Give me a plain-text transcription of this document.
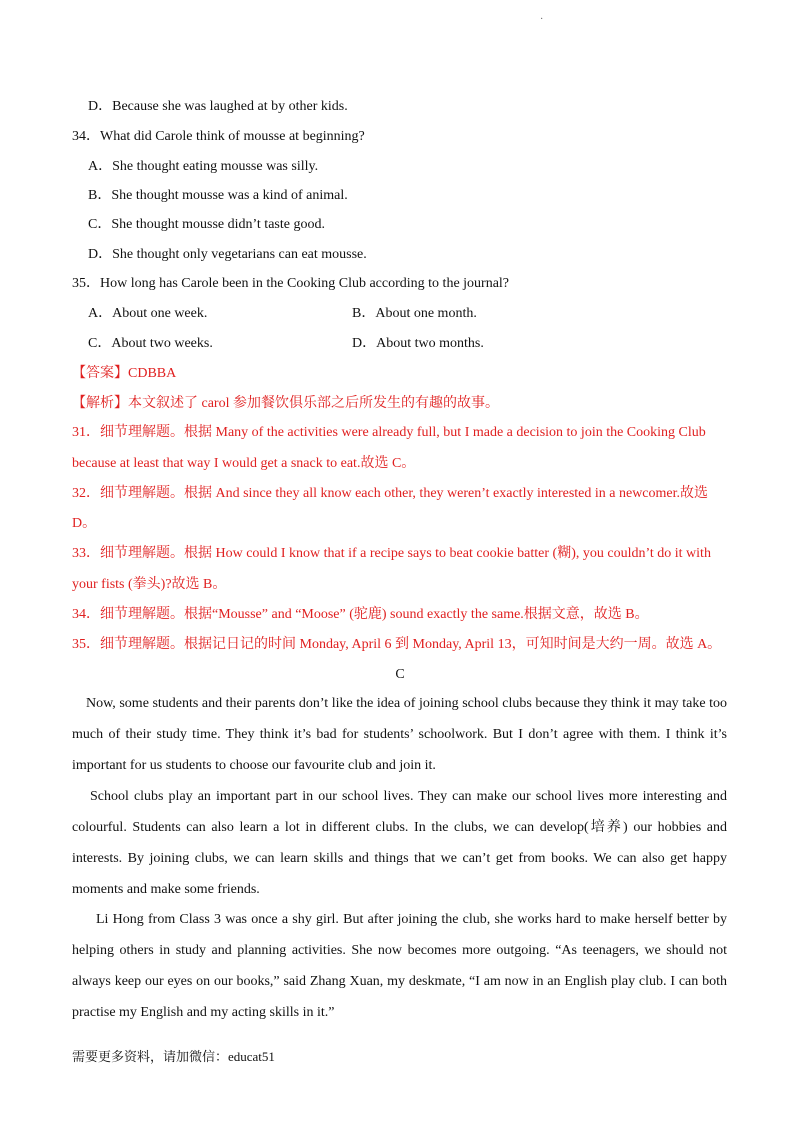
·
D．Because she was laughed at by other kids.
34．What did Carole think of mousse at beginning?
A．She thought eating mousse was silly.
B．She thought mousse was a kind of animal.
C．She thought mousse didn’t taste good.
D．She thought only vegetarians can eat mousse.
35．How long has Carole been in the Cooking Club according to the journal?
A．About one week.	B．About one month.
C．About two weeks.	D．About two months.
【答案】CDBBA
【解析】本文叙述了 carol 参加餐饮俱乐部之后所发生的有趣的故事。
31．细节理解题。根据 Many of the activities were already full, but I made a decision to join the Cooking Club
because at least that way I would get a snack to eat.故选 C。
32．细节理解题。根据 And since they all know each other, they weren’t exactly interested in a newcomer.故选
D。
33．细节理解题。根据 How could I know that if a recipe says to beat cookie batter (糊), you couldn’t do it with
your fists (拳头)?故选 B。
34．细节理解题。根据“Mousse” and “Moose” (驼鹿) sound exactly the same.根据文意，故选 B。
35．细节理解题。根据记日记的时间 Monday, April 6 到 Monday, April 13，可知时间是大约一周。故选 A。
C
Now, some students and their parents don’t like the idea of joining school clubs because they think it may take too much of their study time. They think it’s bad for students’ schoolwork. But I don’t agree with them. I think it’s important for us students to choose our favourite club and join it.
School clubs play an important part in our school lives. They can make our school lives more interesting and colourful. Students can also learn a lot in different clubs. In the clubs, we can develop(培养) our hobbies and interests. By joining clubs, we can learn skills and things that we can’t get from books. We can also get happy moments and make some friends.
Li Hong from Class 3 was once a shy girl. But after joining the club, she works hard to make herself better by helping others in study and planning activities. She now becomes more outgoing. “As teenagers, we should not always keep our eyes on our books,” said Zhang Xuan, my deskmate, “I am now in an English play club. I can both practise my English and my acting skills in it.”
需要更多资料，请加微信：educat51
